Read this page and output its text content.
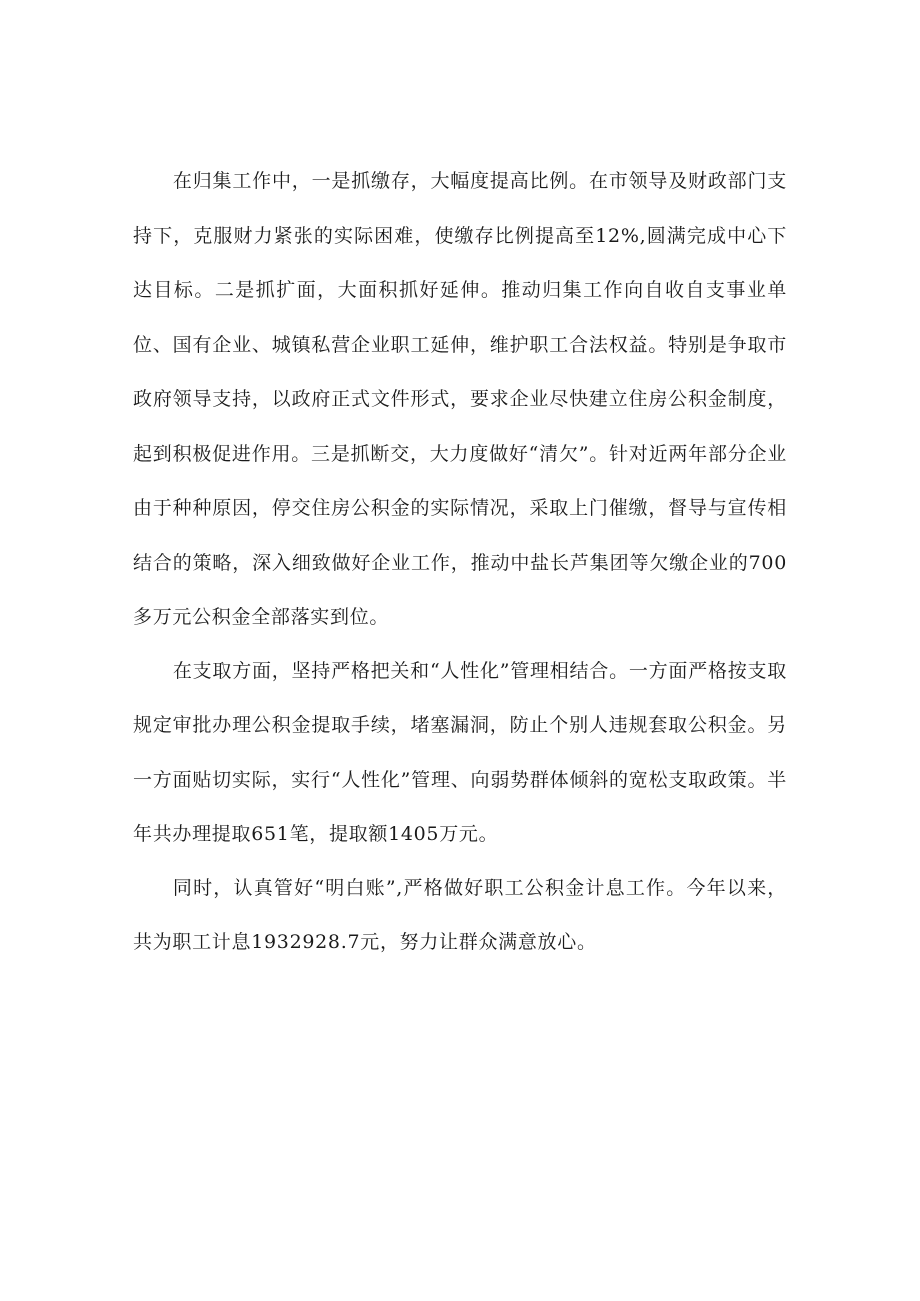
在归集工作中，一是抓缴存，大幅度提高比例。在市领导及财政部门支持下，克服财力紧张的实际困难，使缴存比例提高至12%,圆满完成中心下达目标。二是抓扩面，大面积抓好延伸。推动归集工作向自收自支事业单位、国有企业、城镇私营企业职工延伸，维护职工合法权益。特别是争取市政府领导支持，以政府正式文件形式，要求企业尽快建立住房公积金制度，起到积极促进作用。三是抓断交，大力度做好“清欠”。针对近两年部分企业由于种种原因，停交住房公积金的实际情况，采取上门催缴，督导与宣传相结合的策略，深入细致做好企业工作，推动中盐长芦集团等欠缴企业的700多万元公积金全部落实到位。

在支取方面，坚持严格把关和“人性化”管理相结合。一方面严格按支取规定审批办理公积金提取手续，堵塞漏洞，防止个别人违规套取公积金。另一方面贴切实际，实行“人性化”管理、向弱势群体倾斜的宽松支取政策。半年共办理提取651笔，提取额1405万元。

同时，认真管好“明白账”,严格做好职工公积金计息工作。今年以来，共为职工计息1932928.7元，努力让群众满意放心。
